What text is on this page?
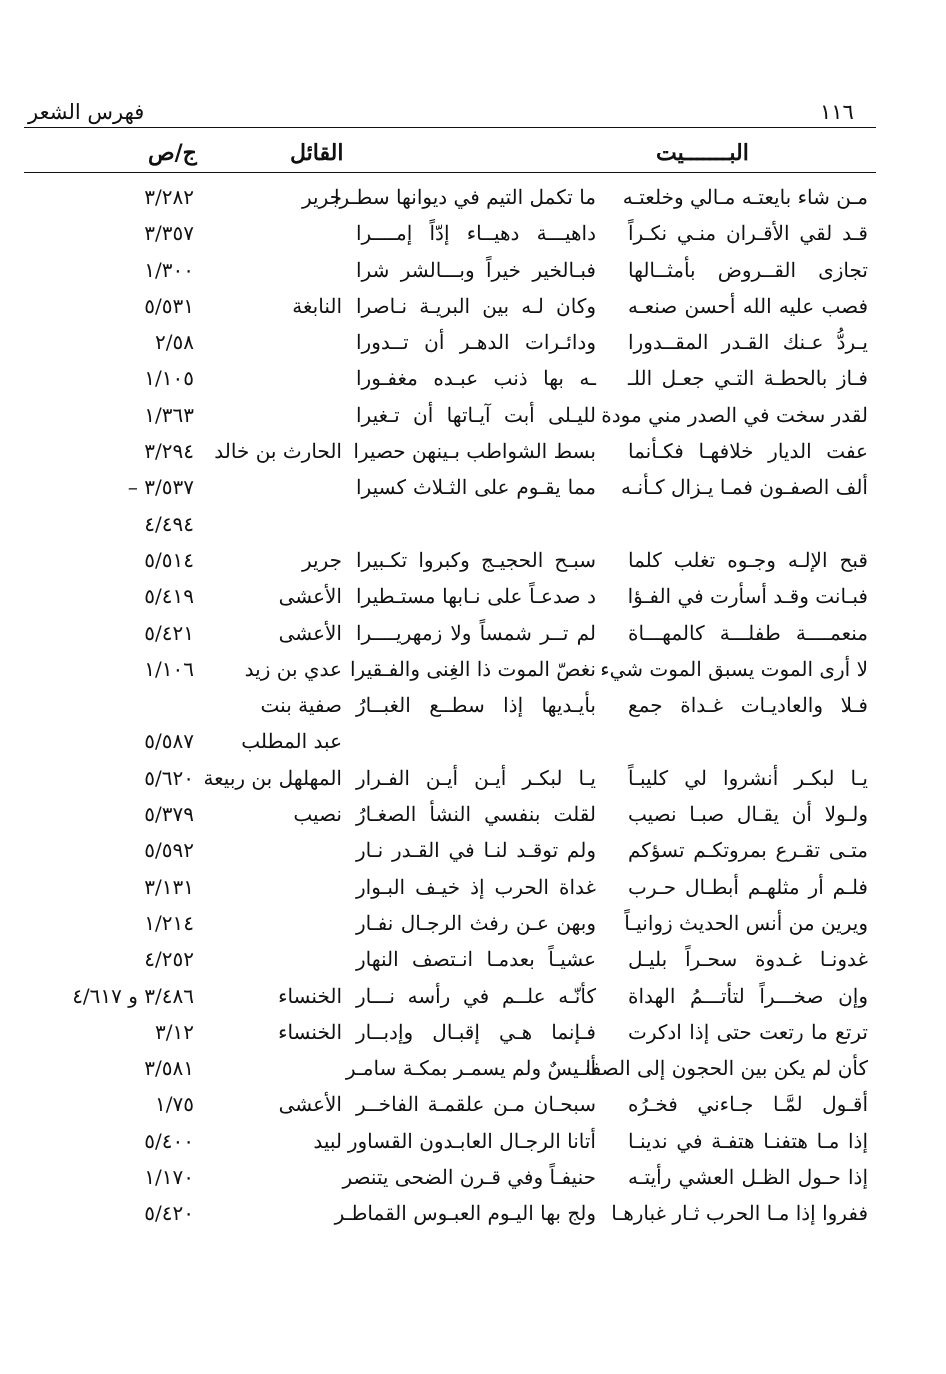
١١٦
فهرس الشعر
البـــــــيت
القائل
ج/ص
مـن شاء بايعتـه مـالي وخلعتـه
ما تكمل التيم في ديوانها سطـرا
جرير
٣/٢٨٢
قـد لقي الأقـران منـي نكـراً
داهيـــة دهيــاء إدّاً إمــــرا
٣/٣٥٧
تجازى القــروض بأمثــالها
فبـالخير خيراً وبـــالشر شرا
١/٣٠٠
فصب عليه الله أحسن صنعـه
وكان لـه بين البريـة نـاصرا
النابغة
٥/٥٣١
يـردُّ عـنك القـدر المقــدورا
ودائـرات الدهـر أن تــدورا
٢/٥٨
فـاز بالحطـة التـي جعـل اللـ
ـه بها ذنب عبـده مغفـورا
١/١٠٥
لقدر سخت في الصدر مني مودة
لليـلى أبت آيـاتها أن تـغيرا
١/٣٦٣
عفت الديار خلافهـا فكـأنما
بسط الشواطب بـينهن حصيرا
الحارث بن خالد
٣/٢٩٤
ألف الصفـون فمـا يـزال كـأنـه
مما يقـوم على الثـلاث كسيرا
٣/٥٣٧ –
٤/٤٩٤
قبح الإلـه وجـوه تغلب كلما
سبـح الحجيـج وكبروا تكـبيرا
جرير
٥/٥١٤
فبـانت وقـد أسأرت في الفـؤا
د صدعـاً على نـابها مستـطيرا
الأعشى
٥/٤١٩
منعمــــة طفلـــة كالمهـــاة
لم تــر شمساً ولا زمهريــــرا
الأعشى
٥/٤٢١
لا أرى الموت يسبق الموت شيء
نغصّ الموت ذا الغِنى والفـقيرا
عدي بن زيد
١/١٠٦
فـلا والعاديـات غـداة جمع
بأيـديها إذا سطــع الغبــارُ
صفية بنت
عبد المطلب
٥/٥٨٧
يـا لبكـر أنشروا لي كليبـاً
يـا لبكـر أيـن أيـن الفـرار
المهلهل بن ربيعة
٥/٦٢٠
ولـولا أن يقـال صبـا نصيب
لقلت بنفسي النشأ الصغـارُ
نصيب
٥/٣٧٩
متـى تقـرع بمروتكـم تسؤكم
ولم توقـد لنـا في القـدر نـار
٥/٥٩٢
فلـم أر مثلهـم أبطـال حـرب
غداة الحرب إذ خيـف البـوار
٣/١٣١
ويرين من أنس الحديث زوانيـاً
وبهن عـن رفث الرجـال نفـار
١/٢١٤
غدونـا غـدوة سحـراً بليـل
عشيـاً بعدمـا انـتصف النهار
٤/٢٥٢
وإن صخـــراً لتأتـــمُ الهداة
كأنّـه علــم في رأسه نـــار
الخنساء
٣/٤٨٦ و ٤/٦١٧
ترتع ما رتعت حتى إذا ادكرت
فـإنما هـي إقبـال وإدبــار
الخنساء
٣/١٢
كأن لم يكن بين الحجون إلى الصفا
أنـيسٌ ولم يسمـر بمكـة سامـر
٣/٥٨١
أقـول لمَّـا جـاءني فخـرُه
سبحـان مـن علقمـة الفاخــر
الأعشى
١/٧٥
إذا مـا هتفنـا هتفـة في ندينـا
أتانا الرجـال العابـدون القساور
لبيد
٥/٤٠٠
إذا حـول الظـل العشي رأيتـه
حنيفـاً وفي قـرن الضحى يتنصر
١/١٧٠
ففروا إذا مـا الحرب ثـار غبارهـا
ولج بها اليـوم العبـوس القماطـر
٥/٤٢٠
